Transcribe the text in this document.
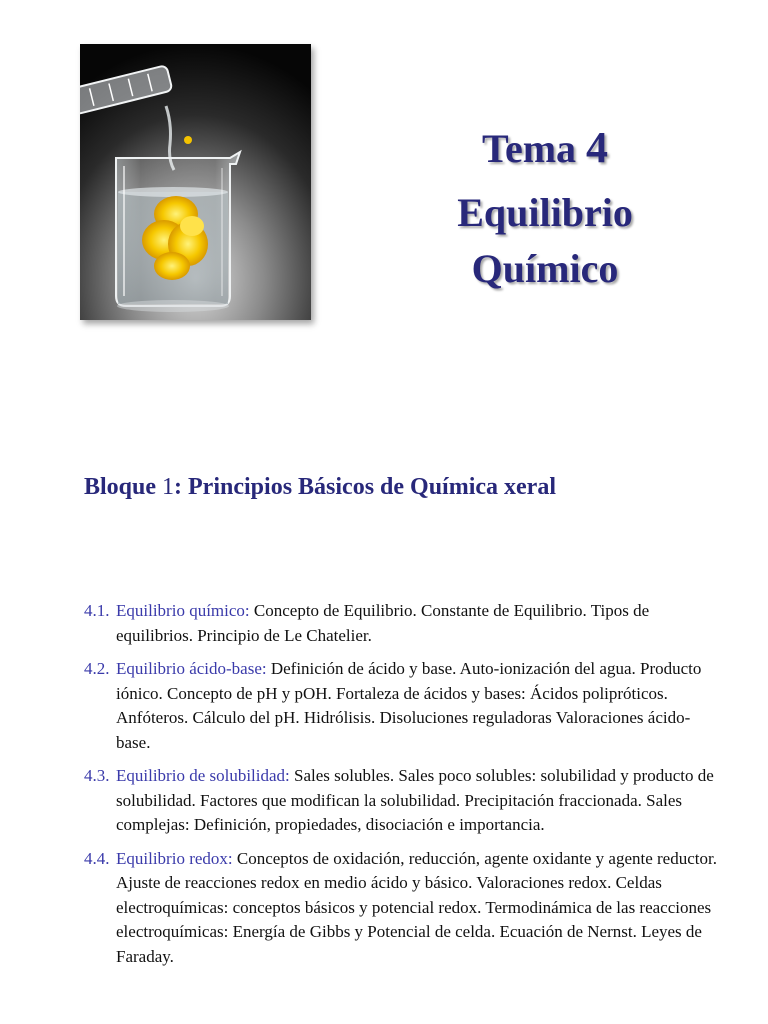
Tema 4
Equilibrio
Químico
Bloque 1: Principios Básicos de Química xeral
4.1. Equilibrio químico: Concepto de Equilibrio. Constante de Equilibrio. Tipos de equilibrios. Principio de Le Chatelier.
4.2. Equilibrio ácido-base: Definición de ácido y base. Auto-ionización del agua. Producto iónico. Concepto de pH y pOH. Fortaleza de ácidos y bases: Ácidos polipróticos. Anfóteros. Cálculo del pH. Hidrólisis. Disoluciones reguladoras Valoraciones ácido-base.
4.3. Equilibrio de solubilidad: Sales solubles. Sales poco solubles: solubilidad y producto de solubilidad. Factores que modifican la solubilidad. Precipitación fraccionada. Sales complejas: Definición, propiedades, disociación e importancia.
4.4. Equilibrio redox: Conceptos de oxidación, reducción, agente oxidante y agente reductor. Ajuste de reacciones redox en medio ácido y básico. Valoraciones redox. Celdas electroquímicas: conceptos básicos y potencial redox. Termodinámica de las reacciones electroquímicas: Energía de Gibbs y Potencial de celda. Ecuación de Nernst. Leyes de Faraday.
